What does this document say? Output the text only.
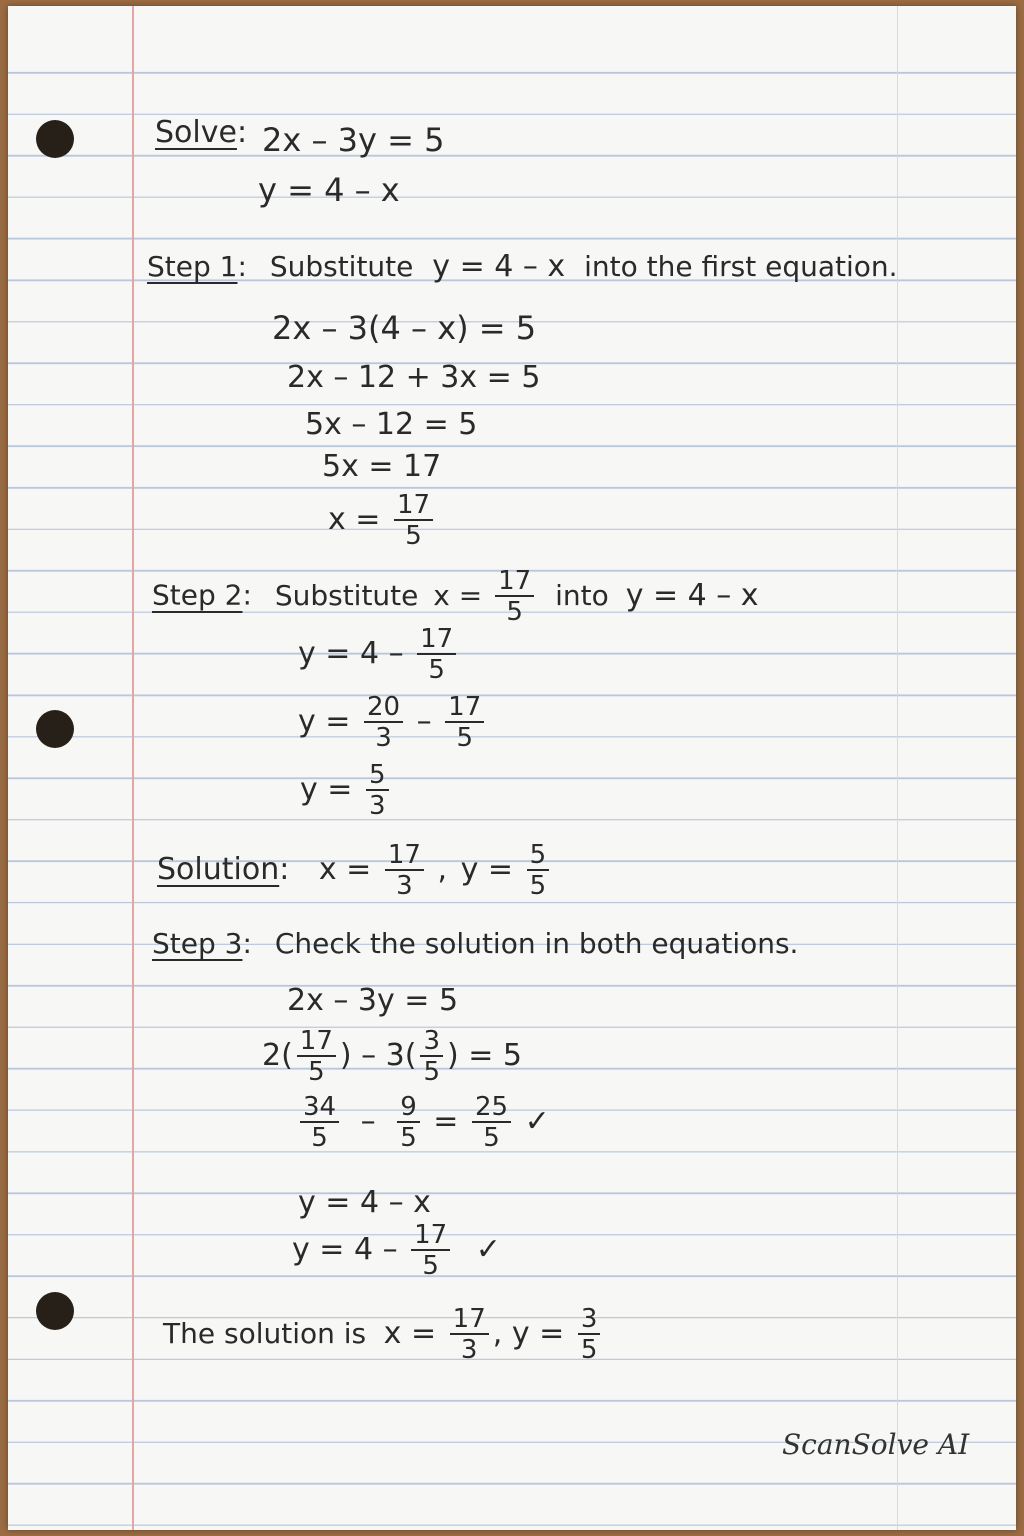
Solve: 2x – 3y = 5
y = 4 – x
Step 1: Substitute y = 4 – x into the first equation.
2x – 3(4 – x) = 5
2x – 12 + 3x = 5
5x – 12 = 5
5x = 17
$x = \frac{17}{5}$
Step 2: Substitute $x = \frac{17}{5}$ into y = 4 – x
$y = 4 - \frac{17}{5}$
$y = \frac{20}{3} - \frac{17}{5}$
$y = \frac{5}{3}$
Solution: $x = \frac{17}{3}$ , $y = \frac{5}{5}$
Step 3: Check the solution in both equations.
2x – 3y = 5
$2( \frac{17}{5}$ ) – $3( \frac{3}{5}$ ) = 5
$\frac{34}{5} - \frac{9}{5} = \frac{25}{5}$ ✓
y = 4 – x
$y = 4 - \frac{17}{5}$ ✓
The solution is $x = \frac{17}{3}$ , $y = \frac{3}{5}$
ScanSolve AI
